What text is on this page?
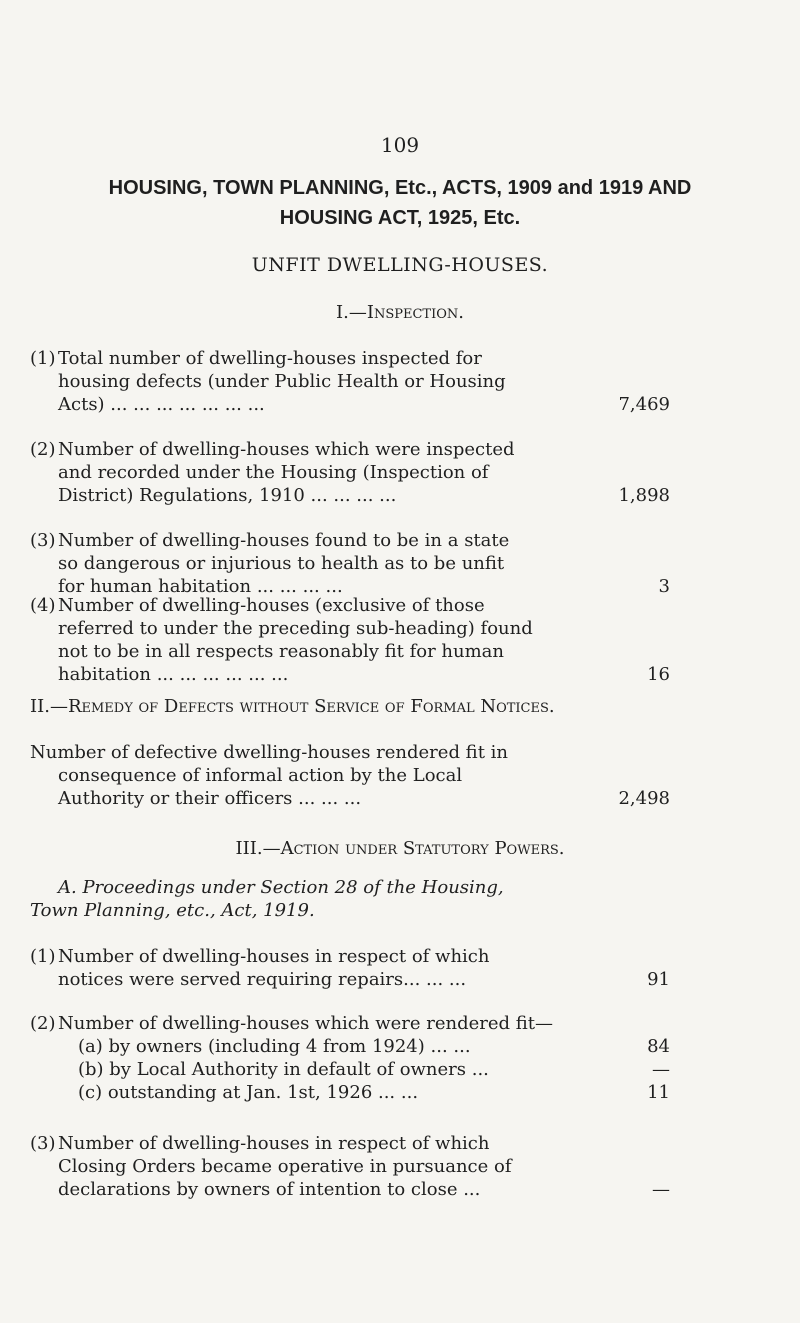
109
HOUSING, TOWN PLANNING, Etc., ACTS, 1909 and 1919 AND
HOUSING ACT, 1925, Etc.
UNFIT DWELLING-HOUSES.
I.—Inspection.
(1) Total number of dwelling-houses inspected for
housing defects (under Public Health or Housing
Acts) ... ... ... ... ... ... ...	7,469
(2) Number of dwelling-houses which were inspected
and recorded under the Housing (Inspection of
District) Regulations, 1910 ... ... ... ...	1,898
(3) Number of dwelling-houses found to be in a state
so dangerous or injurious to health as to be unfit
for human habitation ... ... ... ...	3
(4) Number of dwelling-houses (exclusive of those
referred to under the preceding sub-heading) found
not to be in all respects reasonably fit for human
habitation ... ... ... ... ... ...	16
II.—Remedy of Defects without Service of Formal Notices.
Number of defective dwelling-houses rendered fit in
consequence of informal action by the Local
Authority or their officers ... ... ...	2,498
III.—Action under Statutory Powers.
A. Proceedings under Section 28 of the Housing,
Town Planning, etc., Act, 1919.
(1) Number of dwelling-houses in respect of which
notices were served requiring repairs... ... ...	91
(2) Number of dwelling-houses which were rendered fit—
(a) by owners (including 4 from 1924) ... ...	84
(b) by Local Authority in default of owners ...	—
(c) outstanding at Jan. 1st, 1926 ... ...	11
(3) Number of dwelling-houses in respect of which
Closing Orders became operative in pursuance of
declarations by owners of intention to close ...	—
